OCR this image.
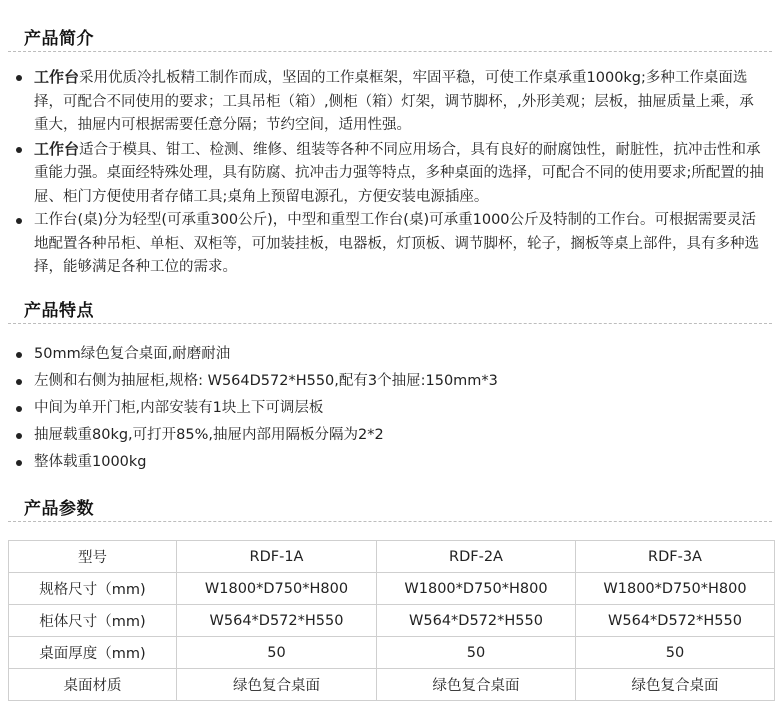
产品简介
工作台采用优质冷扎板精工制作而成，坚固的工作桌框架，牢固平稳，可使工作桌承重1000kg;多种工作桌面选择，可配合不同使用的要求；工具吊柜（箱）,侧柜（箱）灯架，调节脚杯，,外形美观；层板，抽屉质量上乘，承重大，抽屉内可根据需要任意分隔；节约空间，适用性强。
工作台适合于模具、钳工、检测、维修、组装等各种不同应用场合，具有良好的耐腐蚀性，耐脏性，抗冲击性和承重能力强。桌面经特殊处理，具有防腐、抗冲击力强等特点，多种桌面的选择，可配合不同的使用要求;所配置的抽屉、柜门方便使用者存储工具;桌角上预留电源孔，方便安装电源插座。
工作台(桌)分为轻型(可承重300公斤)，中型和重型工作台(桌)可承重1000公斤及特制的工作台。可根据需要灵活地配置各种吊柜、单柜、双柜等，可加装挂板，电器板，灯顶板、调节脚杯，轮子，搁板等桌上部件，具有多种选择，能够满足各种工位的需求。
产品特点
50mm绿色复合桌面,耐磨耐油
左侧和右侧为抽屉柜,规格: W564D572*H550,配有3个抽屉:150mm*3
中间为单开门柜,内部安装有1块上下可调层板
抽屉载重80kg,可打开85%,抽屉内部用隔板分隔为2*2
整体载重1000kg
产品参数
型号	RDF-1A	RDF-2A	RDF-3A
规格尺寸（mm)	W1800*D750*H800	W1800*D750*H800	W1800*D750*H800
柜体尺寸（mm)	W564*D572*H550	W564*D572*H550	W564*D572*H550
桌面厚度（mm)	50	50	50
桌面材质	绿色复合桌面	绿色复合桌面	绿色复合桌面
